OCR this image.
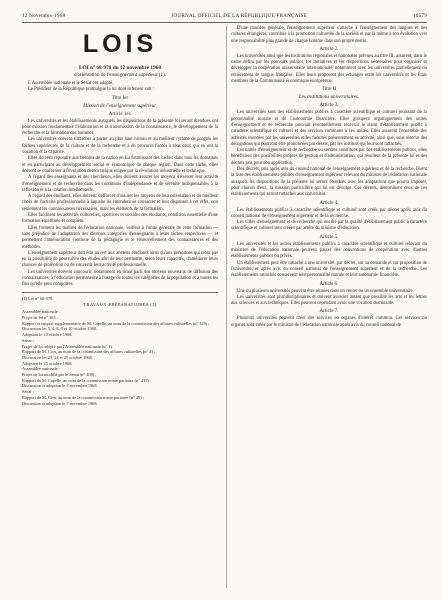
12 Novembre 1968	JOURNAL OFFICIEL DE LA RÉPUBLIQUE FRANÇAISE	10579
LOIS
LOI n° 68-978 du 12 novembre 1968
d'orientation de l'enseignement supérieur (1).
L'Assemblée nationale et le Sénat ont adopté,
Le Président de la République promulgue la loi dont la teneur suit :
Titre Ier
Mission de l'enseignement supérieur.
Article 1er.
Les universités et les établissements auxquels les dispositions de la présente loi seront étendues ont pour mission fondamentale l'élaboration et la transmission de la connaissance, le développement de la recherche et la formation des hommes.
Les universités doivent s'attacher à porter au plus haut niveau et au meilleur rythme de progrès les formes supérieures de la culture et de la recherche et à en procurer l'accès à tous ceux qui en ont la vocation et la capacité.
Elles doivent répondre aux besoins de la nation en lui fournissant des cadres dans tous les domaines et en participant au développement social et économique de chaque région. Dans cette tâche, elles doivent se conformer à l'évolution démocratique exigée par la révolution industrielle et technique.
A l'égard des enseignants et des chercheurs, elles doivent assurer les moyens d'exercer leur activité d'enseignement et de recherche dans les conditions d'indépendance et de sérénité indispensables à la réflexion et à la création intellectuelle.
A l'égard des étudiants, elles doivent s'efforcer d'assurer les moyens de leur orientation et du meilleur choix de l'activité professionnelle à laquelle ils entendent se consacrer et leur dispenser à cet effet, non seulement les connaissances nécessaires, mais les éléments de la formation.
Elles facilitent les activités culturelles, sportives et sociales des étudiants, condition essentielle d'une formation équilibrée et complète.
Elles forment les maîtres de l'éducation nationale, veillent à l'unité générale de cette formation — sans préjudice de l'adaptation des diverses catégories d'enseignants à leurs tâches respectives — et permettent l'amélioration continue de la pédagogie et le renouvellement des connaissances et des méthodes.
L'enseignement supérieur doit être ouvert aux anciens étudiants ainsi qu'aux personnes qui n'ont pas eu la possibilité de poursuivre des études afin de leur permettre, selon leurs capacités, d'améliorer leurs chances de promotion ou de convertir leur activité professionnelle.
Les universités doivent concourir, notamment en tirant parti des moyens nouveaux de diffusion des connaissances, à l'éducation permanente à l'usage de toutes les catégories de la population et à toutes les fins qu'elle peut comporter.
(1) Loi n° 68-978.
TRAVAUX PRÉPARATOIRES (1)
Assemblée nationale :
Projet de loi n° 305 ;
Rapport et rapport supplémentaire de M. Capelle, au nom de la commission des affaires culturelles (n° 329) ;
Discussion les 3, 4, 8, 9 et 10 octobre 1968.
Adoption le 10 octobre 1968.
Sénat :
Projet de loi adopté par l'Assemblée nationale (n° 1).
Rapport de M. Cros, au nom de la commission des affaires culturelles (n° 4) ;
Discussion les 23, 24 et 25 octobre 1968.
Adoption le 25 octobre 1968.
Assemblée nationale :
Projet de loi modifié par le Sénat (n° 408) ;
Rapport de M. Capelle, au nom de la commission mixte paritaire (n° 431) ;
Discussion et adoption le 7 novembre 1968.
Sénat :
Rapport de M. Cros, au nom de la commission mixte paritaire (n° 49) ;
Discussion et adoption le 7 novembre 1968.
D'une manière générale, l'enseignement supérieur s'attache à l'enseignement des langues et des cultures étrangères, contribue à la promotion culturelle de la société et par là même à son évolution vers une responsabilité plus grande de chaque homme dans son propre destin.
Article 2.
Les universités ainsi que les institutions régionales et nationales prévues au titre III, assurent, dans le cadre défini par les pouvoirs publics, les initiatives et les dispositions nécessaires pour organiser et développer la coopération universitaire internationale, notamment avec les universités partiellement ou entièrement de langue française. Elles leurs proposent des échanges entre les universités et les États membres de la Communauté économique européenne.
Titre II
Les institutions universitaires.
Article 3.
Les universités sont des établissements publics à caractère scientifique et culturel jouissant de la personnalité morale et de l'autonomie financière. Elles groupent organiquement des unités d'enseignement et de recherche pouvant éventuellement recevoir le statut d'établissement public à caractère scientifique et culturel et des services communs à ces unités. Elles assurent l'ensemble des activités exercées par les universités et les facultés présentement en activité, ainsi que, sous réserve des dérogations qui pourront être prononcées par décret, par les instituts qui leur sont rattachés.
Les unités d'enseignement et de recherche ou centres constitués par des établissements publics, elles bénéficient des possibilités propres de gestion et d'administration, qui résultent de la présente loi et des décrets pris pour son application.
Des décrets, pris après avis du conseil national de l'enseignement supérieur et de la recherche, fixent la liste des établissements publics d'enseignement supérieur relevant du ministre de l'éducation nationale auxquels les dispositions de la présente loi seront étendues avec les adaptations que pourra imposer, pour chacun d'eux, la mission particulière qui lui est dévolue. Ces décrets, déterminent ceux de ces établissements qui seront rattachés aux universités.
Article 4.
Les établissements publics à caractère scientifique et culturel sont créés par décret après avis du conseil national de l'enseignement supérieur et de la recherche.
Les villes d'enseignement et de recherche qui ont été par la qualité d'établissement public à caractère scientifique et culturel sont créées par arrêté du ministre d'éducation.
Article 5.
Les universités et les autres établissements publics à caractère scientifique et culturel relevant du ministère de l'éducation nationale peuvent passer des conventions de coopération avec d'autres établissements publics ou privés.
Un établissement peut être rattaché à une université, par décret, sur sa demande et sur proposition de l'université, et après avis du conseil national de l'enseignement supérieur et de la recherche. Les établissements rattachés conservent leur personnalité morale et leur autonomie financière.
Article 6.
Une ou plusieurs universités peuvent être réunies dans un centre ou un ensemble universitaire.
Les universités sont pluridisciplinaires et doivent associer autant que possible les arts et les lettres aux sciences et aux techniques. Elles peuvent cependant avoir une vocation dominante.
Article 7.
Plusieurs universités peuvent créer des services ou organes d'intérêt commun. Ces services ou organes sont créés par le ministre de l'éducation nationale après avis du conseil national de
